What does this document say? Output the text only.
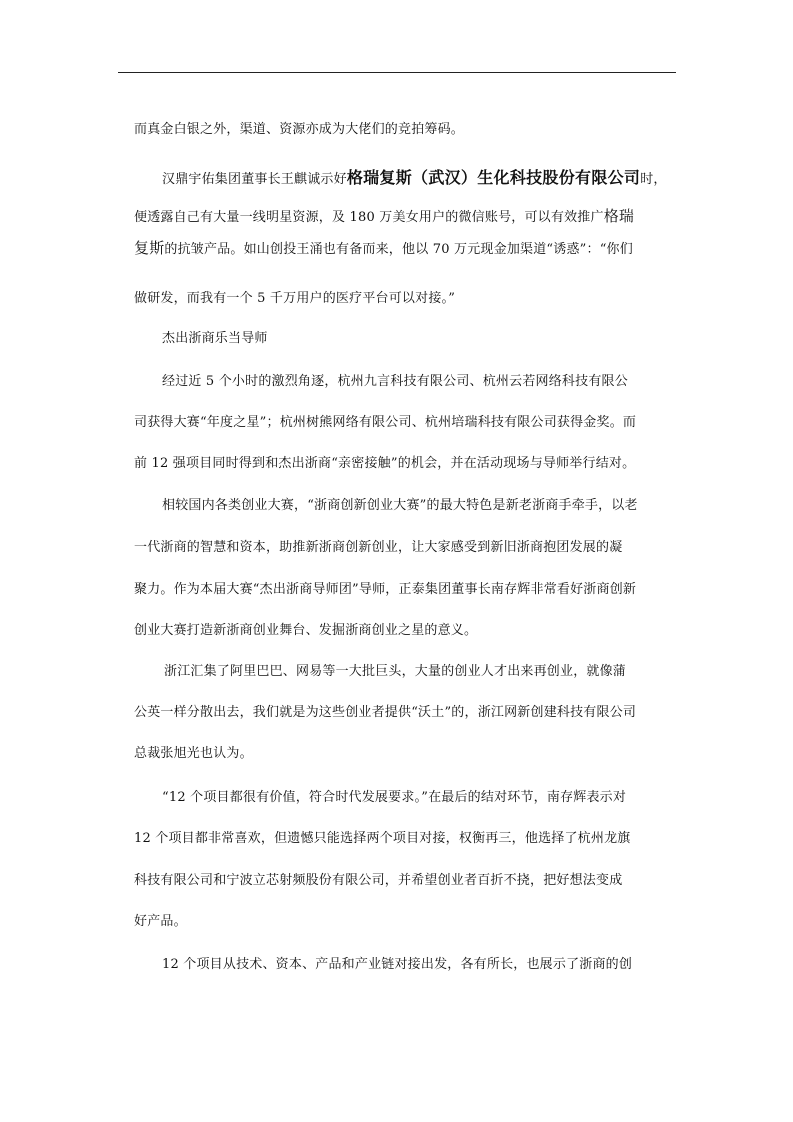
而真金白银之外，渠道、资源亦成为大佬们的竞拍筹码。
汉鼎宇佑集团董事长王麒诚示好格瑞复斯（武汉）生化科技股份有限公司时，
便透露自己有大量一线明星资源，及 180 万美女用户的微信账号，可以有效推广格瑞
复斯的抗皱产品。如山创投王涌也有备而来，他以 70 万元现金加渠道“诱惑”：“你们
做研发，而我有一个 5 千万用户的医疗平台可以对接。”
杰出浙商乐当导师
经过近 5 个小时的激烈角逐，杭州九言科技有限公司、杭州云若网络科技有限公
司获得大赛“年度之星”；杭州树熊网络有限公司、杭州培瑞科技有限公司获得金奖。而
前 12 强项目同时得到和杰出浙商“亲密接触”的机会，并在活动现场与导师举行结对。
相较国内各类创业大赛，“浙商创新创业大赛”的最大特色是新老浙商手牵手，以老
一代浙商的智慧和资本，助推新浙商创新创业，让大家感受到新旧浙商抱团发展的凝
聚力。作为本届大赛“杰出浙商导师团”导师，正泰集团董事长南存辉非常看好浙商创新
创业大赛打造新浙商创业舞台、发掘浙商创业之星的意义。
浙江汇集了阿里巴巴、网易等一大批巨头，大量的创业人才出来再创业，就像蒲
公英一样分散出去，我们就是为这些创业者提供“沃土”的，浙江网新创建科技有限公司
总裁张旭光也认为。
“12 个项目都很有价值，符合时代发展要求。”在最后的结对环节，南存辉表示对
12 个项目都非常喜欢，但遗憾只能选择两个项目对接，权衡再三，他选择了杭州龙旗
科技有限公司和宁波立芯射频股份有限公司，并希望创业者百折不挠，把好想法变成
好产品。
12 个项目从技术、资本、产品和产业链对接出发，各有所长，也展示了浙商的创
